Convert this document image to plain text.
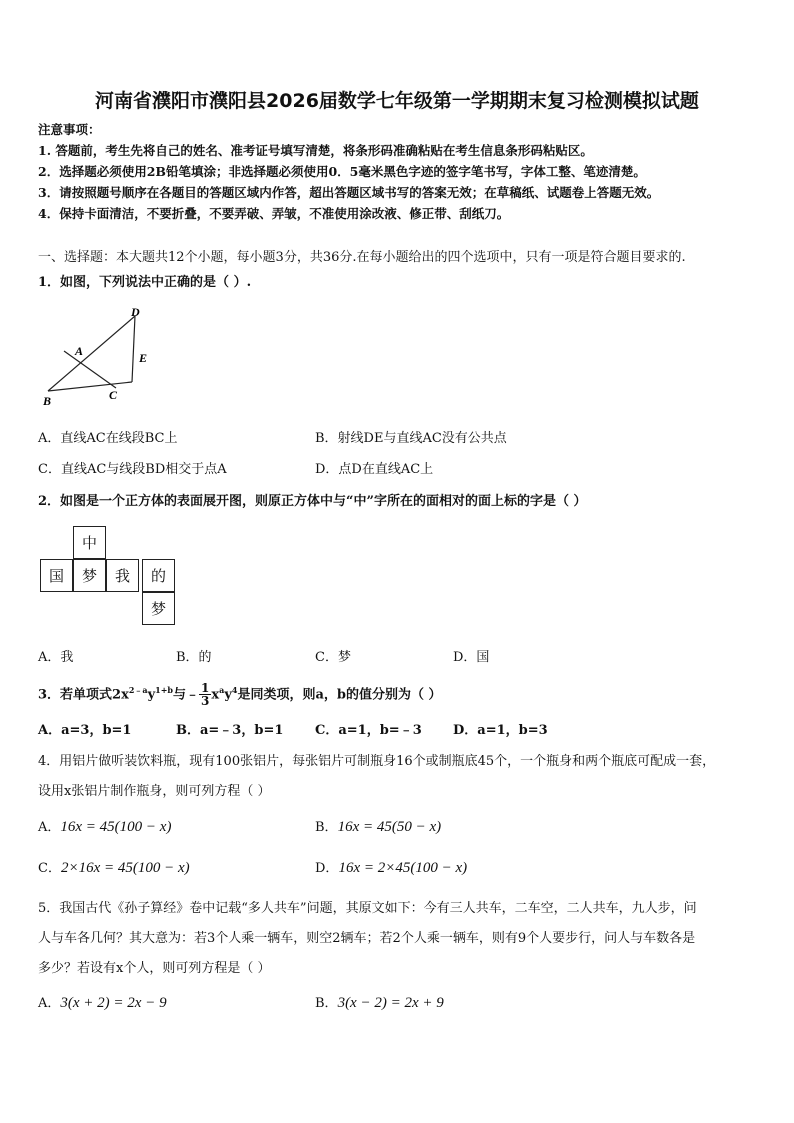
河南省濮阳市濮阳县2026届数学七年级第一学期期末复习检测模拟试题
注意事项：
1. 答题前，考生先将自己的姓名、准考证号填写清楚，将条形码准确粘贴在考生信息条形码粘贴区。
2．选择题必须使用2B铅笔填涂；非选择题必须使用0．5毫米黑色字迹的签字笔书写，字体工整、笔迹清楚。
3．请按照题号顺序在各题目的答题区域内作答，超出答题区域书写的答案无效；在草稿纸、试题卷上答题无效。
4．保持卡面清洁，不要折叠，不要弄破、弄皱，不准使用涂改液、修正带、刮纸刀。
一、选择题：本大题共12个小题，每小题3分，共36分.在每小题给出的四个选项中，只有一项是符合题目要求的.
1．如图，下列说法中正确的是（ ）.
D
A	E
B	C
A．直线AC在线段BC上	B．射线DE与直线AC没有公共点
C．直线AC与线段BD相交于点A	D．点D在直线AC上
2．如图是一个正方体的表面展开图，则原正方体中与“中”字所在的面相对的面上标的字是（ ）
中
国	梦	我	的
梦
A．我	B．的	C．梦	D．国
3．若单项式$2x^{2﹣a}y^{1+b}$与﹣ $\frac{1}{3} x^ay^4$是同类项，则a，b的值分别为（ ）
A．a=3，b=1	B．a=﹣3，b=1 C．a=1，b=﹣3 D．a=1，b=3
4．用铝片做听装饮料瓶，现有100张铝片，每张铝片可制瓶身16个或制瓶底45个，一个瓶身和两个瓶底可配成一套，
设用x张铝片制作瓶身，则可列方程（ ）
A．16x = 45(100 − x)	B．16x = 45(50 − x)
C．2×16x = 45(100 − x)	D．16x = 2×45(100 − x)
5．我国古代《孙子算经》卷中记载“多人共车”问题，其原文如下：今有三人共车，二车空，二人共车，九人步，问
人与车各几何？其大意为：若3个人乘一辆车，则空2辆车；若2个人乘一辆车，则有9个人要步行，问人与车数各是
多少？若设有x个人，则可列方程是（ ）
A．3(x + 2) = 2x − 9	B．3(x − 2) = 2x + 9
